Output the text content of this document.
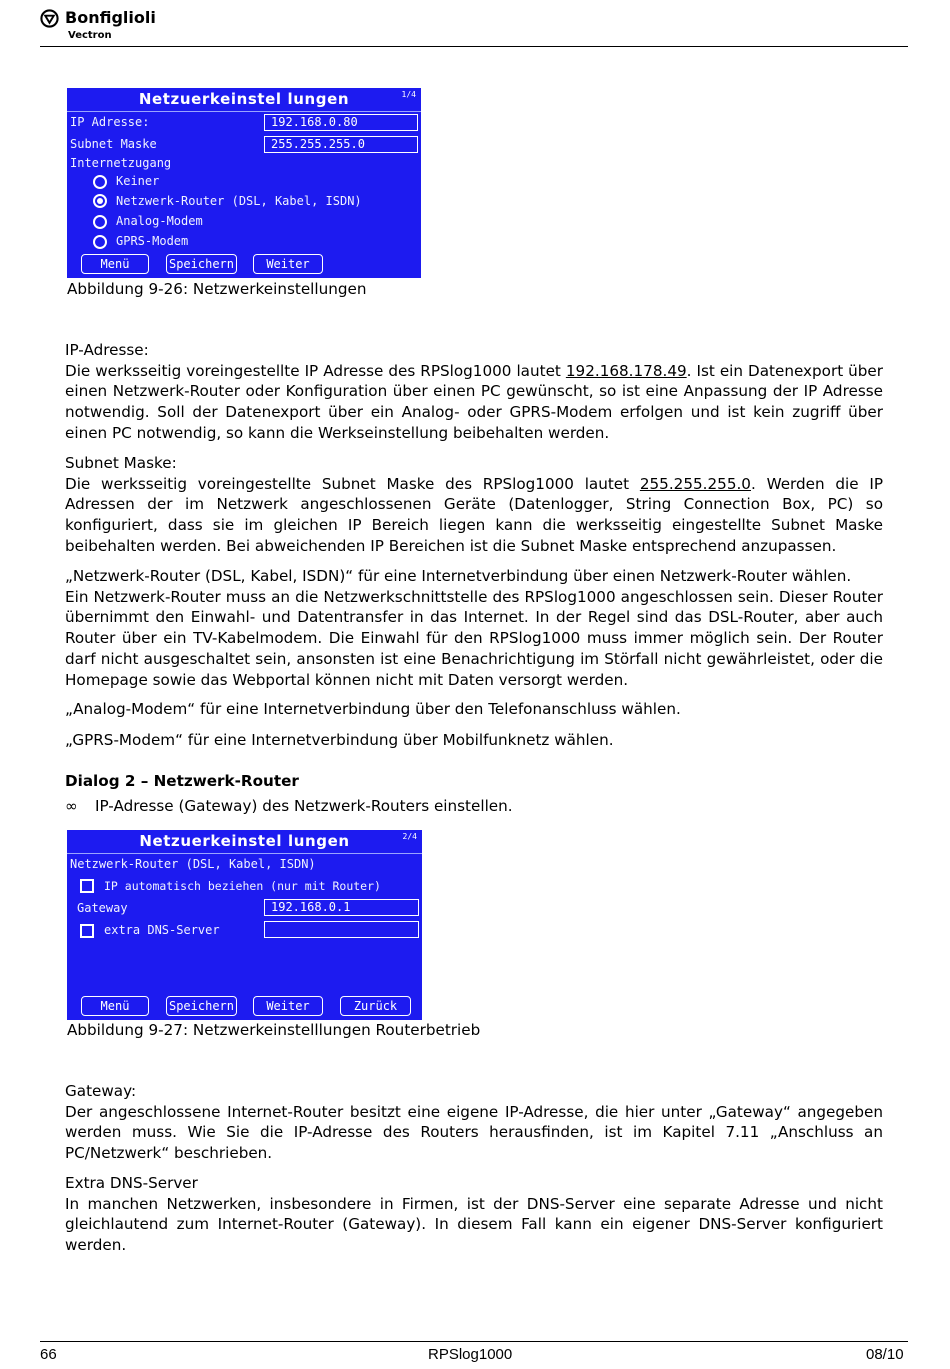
Bonfiglioli
Vectron
Netzuerkeinstel lungen	1/4
IP Adresse:	192.168.0.80
Subnet Maske	255.255.255.0
Internetzugang
Keiner
Netzwerk-Router (DSL, Kabel, ISDN)
Analog-Modem
GPRS-Modem
Menü	Speichern	Weiter
Abbildung 9-26: Netzwerkeinstellungen

IP-Adresse:

Die werksseitig voreingestellte IP Adresse des RPSlog1000 lautet 192.168.178.49. Ist ein Datenexport über einen Netzwerk-Router oder Konfiguration über einen PC gewünscht, so ist eine Anpassung der IP Adresse notwendig. Soll der Datenexport über ein Analog- oder GPRS-Modem erfolgen und ist kein zugriff über einen PC notwendig, so kann die Werkseinstellung beibehalten werden.

Subnet Maske:

Die werksseitig voreingestellte Subnet Maske des RPSlog1000 lautet 255.255.255.0. Werden die IP Adressen der im Netzwerk angeschlossenen Geräte (Datenlogger, String Connection Box, PC) so konfiguriert, dass sie im gleichen IP Bereich liegen kann die werksseitig eingestellte Subnet Maske beibehalten werden. Bei abweichenden IP Bereichen ist die Subnet Maske entsprechend anzupassen.

„Netzwerk-Router (DSL, Kabel, ISDN)“ für eine Internetverbindung über einen Netzwerk-Router wählen.

Ein Netzwerk-Router muss an die Netzwerkschnittstelle des RPSlog1000 angeschlossen sein. Dieser Router übernimmt den Einwahl- und Datentransfer in das Internet. In der Regel sind das DSL-Router, aber auch Router über ein TV-Kabelmodem. Die Einwahl für den RPSlog1000 muss immer möglich sein. Der Router darf nicht ausgeschaltet sein, ansonsten ist eine Benachrichtigung im Störfall nicht gewährleistet, oder die Homepage sowie das Webportal können nicht mit Daten versorgt werden.

„Analog-Modem“ für eine Internetverbindung über den Telefonanschluss wählen.
„GPRS-Modem“ für eine Internetverbindung über Mobilfunknetz wählen.
Dialog 2 – Netzwerk-Router
∞ IP-Adresse (Gateway) des Netzwerk-Routers einstellen.
Netzuerkeinstel lungen	2/4
Netzwerk-Router (DSL, Kabel, ISDN)
IP automatisch beziehen (nur mit Router)
Gateway	192.168.0.1
extra DNS-Server
Menü	Speichern	Weiter	Zurück
Abbildung 9-27: Netzwerkeinstelllungen Routerbetrieb

Gateway:

Der angeschlossene Internet-Router besitzt eine eigene IP-Adresse, die hier unter „Gateway“ angegeben werden muss. Wie Sie die IP-Adresse des Routers herausfinden, ist im Kapitel 7.11 „Anschluss an PC/Netzwerk“ beschrieben.

Extra DNS-Server

In manchen Netzwerken, insbesondere in Firmen, ist der DNS-Server eine separate Adresse und nicht gleichlautend zum Internet-Router (Gateway). In diesem Fall kann ein eigener DNS-Server konfiguriert werden.

66	RPSlog1000	08/10
